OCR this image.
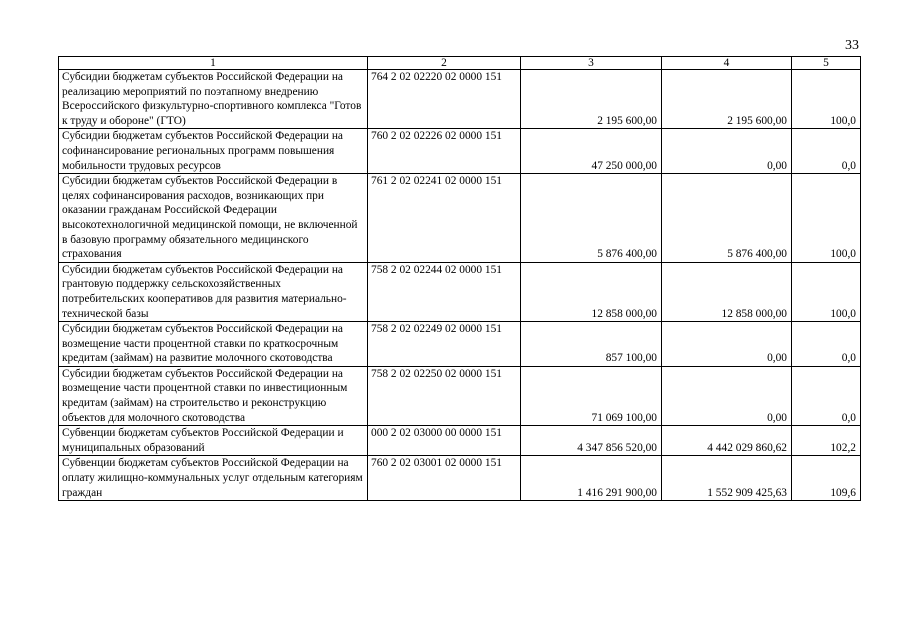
33
1	2	3	4	5
Субсидии бюджетам субъектов Российской Федерации на реализацию мероприятий по поэтапному внедрению Всероссийского физкультурно-спортивного комплекса "Готов к труду и обороне" (ГТО)	764 2 02 02220 02 0000 151	2 195 600,00	2 195 600,00	100,0
Субсидии бюджетам субъектов Российской Федерации на софинансирование региональных программ повышения мобильности трудовых ресурсов	760 2 02 02226 02 0000 151	47 250 000,00	0,00	0,0
Субсидии бюджетам субъектов Российской Федерации в целях софинансирования расходов, возникающих при оказании гражданам Российской Федерации высокотехнологичной медицинской помощи, не включенной в базовую программу обязательного медицинского страхования	761 2 02 02241 02 0000 151	5 876 400,00	5 876 400,00	100,0
Субсидии бюджетам субъектов Российской Федерации на грантовую поддержку сельскохозяйственных потребительских кооперативов для развития материально-технической базы	758 2 02 02244 02 0000 151	12 858 000,00	12 858 000,00	100,0
Субсидии бюджетам субъектов Российской Федерации на возмещение части процентной ставки по краткосрочным кредитам (займам) на развитие молочного скотоводства	758 2 02 02249 02 0000 151	857 100,00	0,00	0,0
Субсидии бюджетам субъектов Российской Федерации на возмещение части процентной ставки по инвестиционным кредитам (займам) на строительство и реконструкцию объектов для молочного скотоводства	758 2 02 02250 02 0000 151	71 069 100,00	0,00	0,0
Субвенции бюджетам субъектов Российской Федерации и муниципальных образований	000 2 02 03000 00 0000 151	4 347 856 520,00	4 442 029 860,62	102,2
Субвенции бюджетам субъектов Российской Федерации на оплату жилищно-коммунальных услуг отдельным категориям граждан	760 2 02 03001 02 0000 151	1 416 291 900,00	1 552 909 425,63	109,6
